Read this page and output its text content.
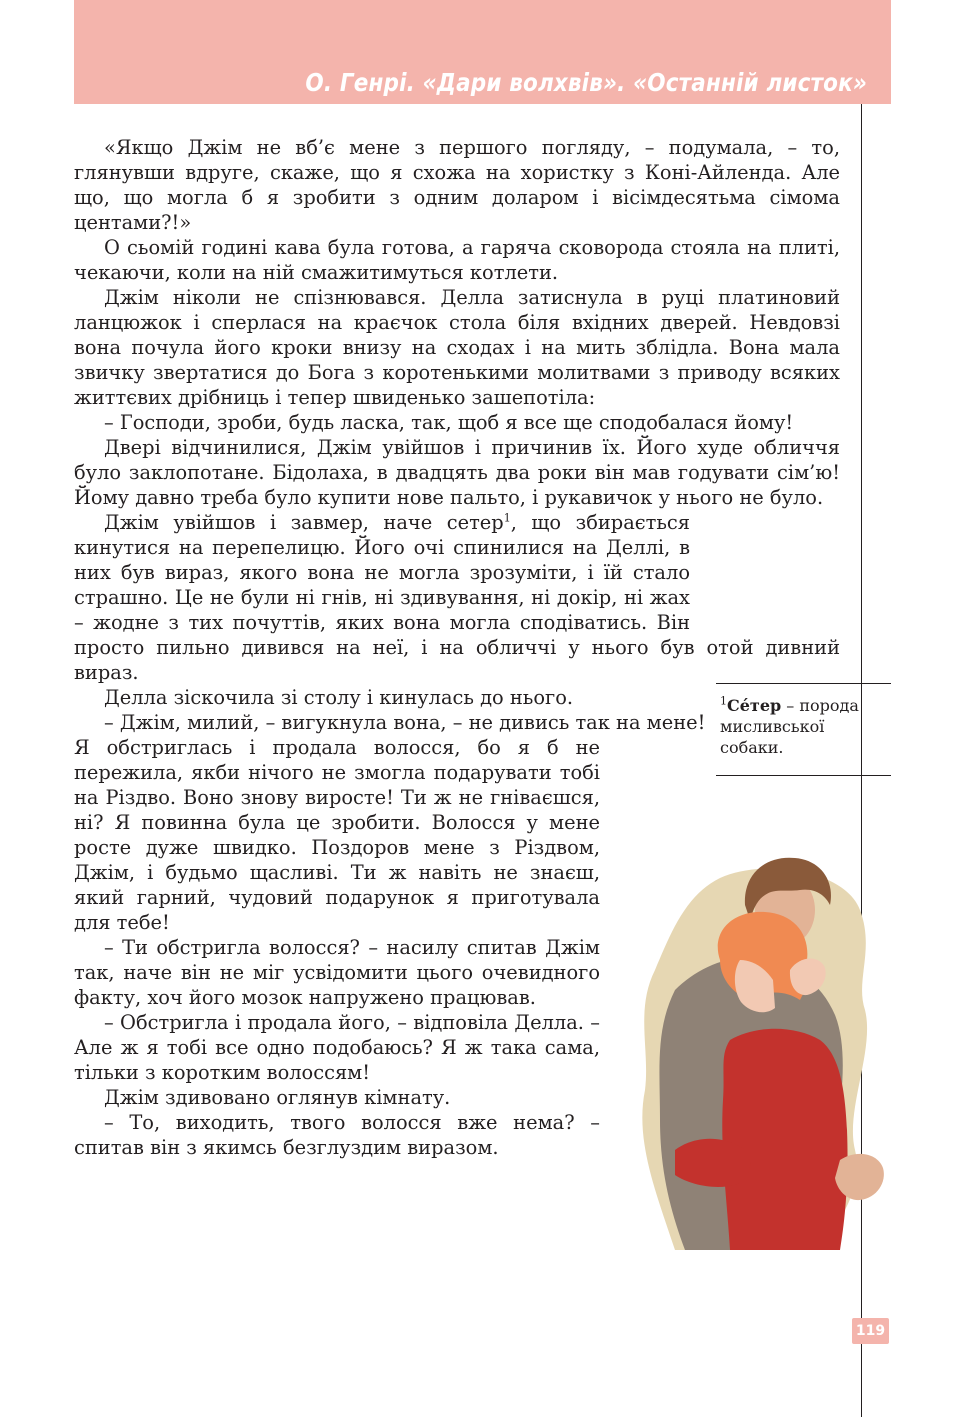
О. Генрі. «Дари волхвів». «Останній листок»

«Якщо Джім не вб’є мене з першого погляду, – подумала, – то, глянувши вдруге, скаже, що я схожа на хористку з Коні-Айленда. Але що, що могла б я зробити з одним доларом і вісімдесятьма сімома центами?!»

О сьомій годині кава була готова, а гаряча сковорода стояла на плиті, чекаючи, коли на ній смажитимуться котлети.

Джім ніколи не спізнювався. Делла затиснула в руці платиновий ланцюжок і сперлася на краєчок стола біля вхідних дверей. Невдовзі вона почула його кроки внизу на сходах і на мить зблідла. Вона мала звичку звертатися до Бога з коротенькими молитвами з приводу всяких життєвих дрібниць і тепер швиденько зашепотіла:

– Господи, зроби, будь ласка, так, щоб я все ще сподобалася йому!

Двері відчинилися, Джім увійшов і причинив їх. Його худе обличчя було заклопотане. Бідолаха, в двадцять два роки він мав годувати сім’ю! Йому давно треба було купити нове пальто, і рукавичок у нього не було.

Джім увійшов і завмер, наче сетер$^1$
, що збирається кинутися на перепелицю. Його очі спинилися на Деллі, в них був вираз, якого вона не могла зрозуміти, і їй стало страшно. Це не були ні гнів, ні здивування, ні докір, ні жах – жодне з тих почуттів, яких вона могла сподіватись. Він просто пильно дивився на неї, і на обличчі у нього був отой дивний вираз.

Делла зіскочила зі столу і кинулась до нього.

– Джім, милий, – вигукнула вона, – не дивись так на мене!

Я обстриглась і продала волосся, бо я б не пережила, якби нічого не змогла подарувати тобі на Різдво. Воно знову виросте! Ти ж не гніваєшся, ні? Я повинна була це зробити. Волосся у мене росте дуже швидко. Поздоров мене з Різдвом, Джім, і будьмо щасливі. Ти ж навіть не знаєш, який гарний, чудовий подарунок я приготувала для тебе!

– Ти обстригла волосся? – насилу спитав Джім так, наче він не міг усвідомити цього очевидного факту, хоч його мозок напружено працював.

– Обстригла і продала його, – відповіла Делла. – Але ж я тобі все одно подобаюсь? Я ж така сама, тільки з коротким волоссям!

Джім здивовано оглянув кімнату.

– То, виходить, твого волосся вже нема? – спитав він з якимсь безглуздим виразом.

$^1$Се́тер – порода мисливської собаки.
119
